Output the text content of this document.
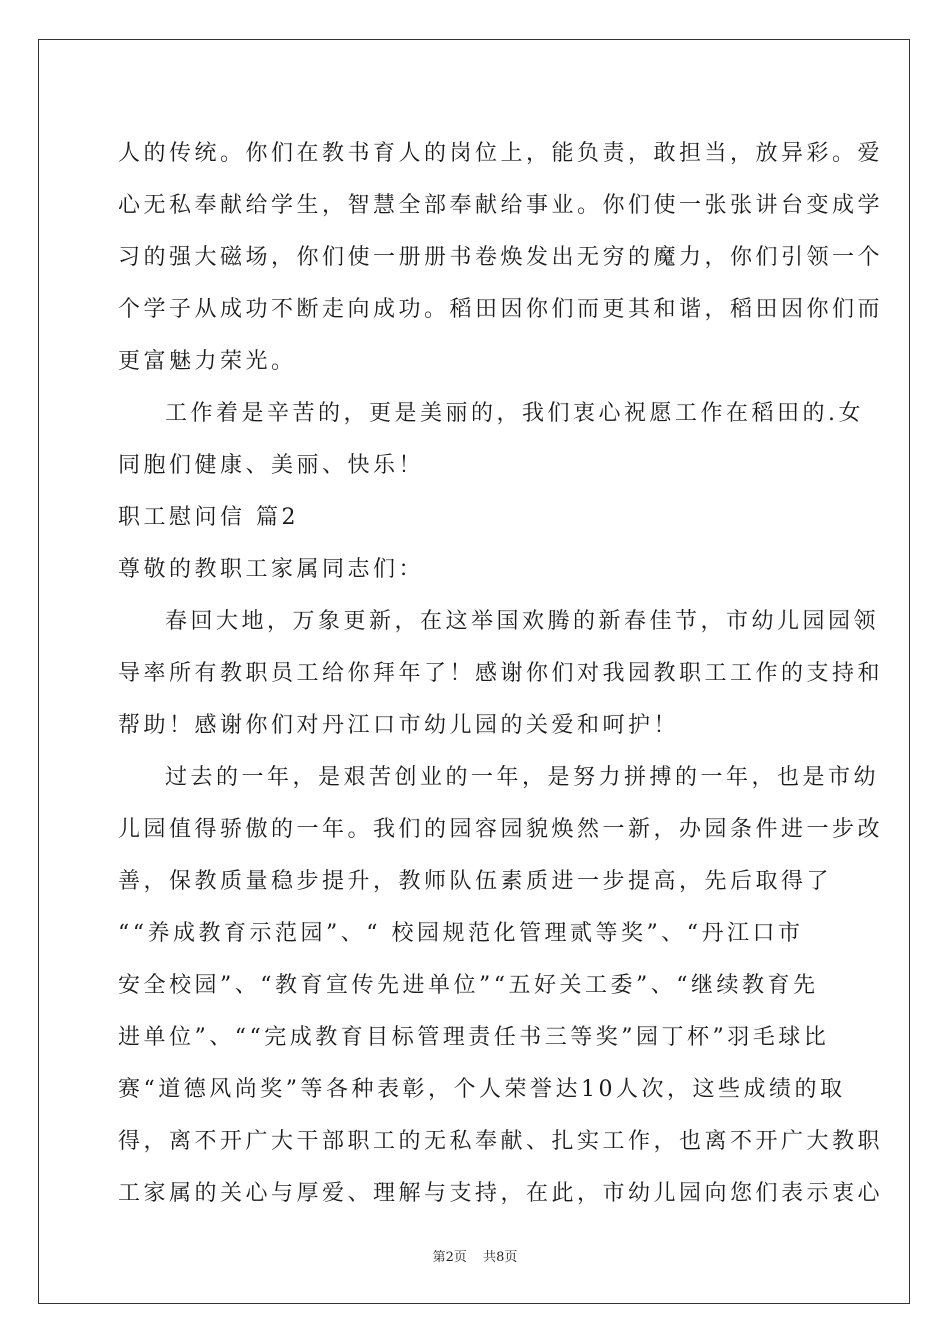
人的传统。你们在教书育人的岗位上，能负责，敢担当，放异彩。爱
心无私奉献给学生，智慧全部奉献给事业。你们使一张张讲台变成学
习的强大磁场，你们使一册册书卷焕发出无穷的魔力，你们引领一个
个学子从成功不断走向成功。稻田因你们而更其和谐，稻田因你们而
更富魅力荣光。
工作着是辛苦的，更是美丽的，我们衷心祝愿工作在稻田的.女
同胞们健康、美丽、快乐！
职工慰问信 篇2
尊敬的教职工家属同志们：
春回大地，万象更新，在这举国欢腾的新春佳节，市幼儿园园领
导率所有教职员工给你拜年了！感谢你们对我园教职工工作的支持和
帮助！感谢你们对丹江口市幼儿园的关爱和呵护！
过去的一年，是艰苦创业的一年，是努力拼搏的一年，也是市幼
儿园值得骄傲的一年。我们的园容园貌焕然一新，办园条件进一步改
善，保教质量稳步提升，教师队伍素质进一步提高，先后取得了
““养成教育示范园”、“ 校园规范化管理贰等奖”、“丹江口市
安全校园”、“教育宣传先进单位”“五好关工委”、“继续教育先
进单位”、““完成教育目标管理责任书三等奖”园丁杯”羽毛球比
赛“道德风尚奖”等各种表彰，个人荣誉达10人次，这些成绩的取
得，离不开广大干部职工的无私奉献、扎实工作，也离不开广大教职
工家属的关心与厚爱、理解与支持，在此，市幼儿园向您们表示衷心
第2页 共8页
